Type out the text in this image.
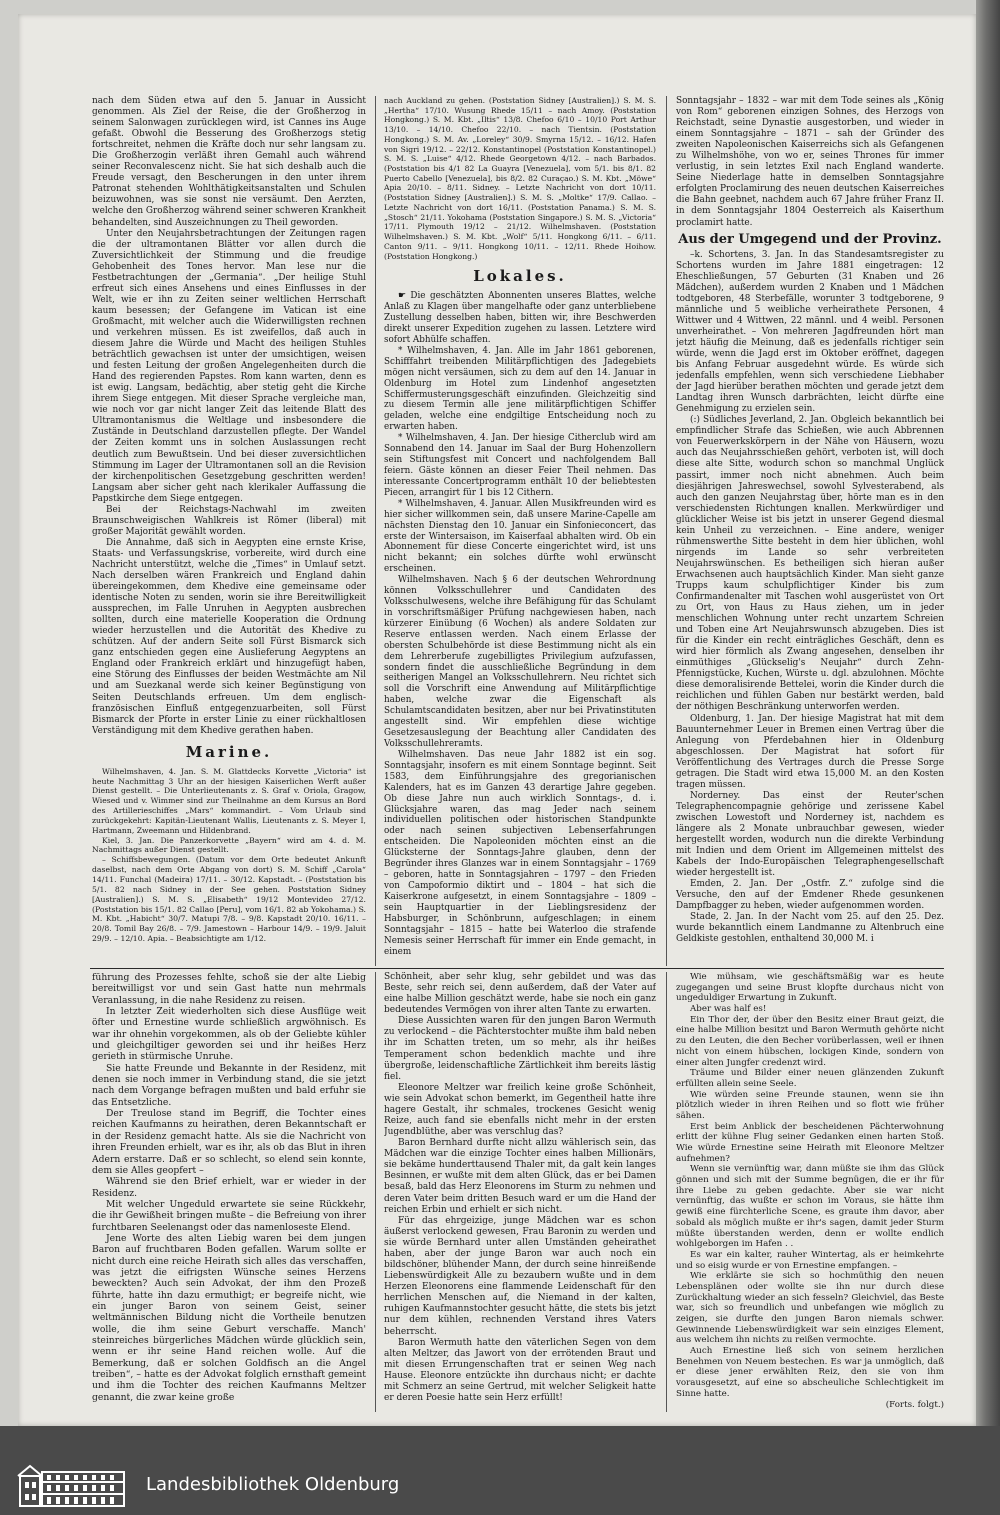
nach dem Süden etwa auf den 5. Januar in Aussicht genommen. Als Ziel der Reise, die der Großherzog in seinem Salonwagen zurücklegen wird, ist Cannes ins Auge gefaßt. Obwohl die Besserung des Großherzogs stetig fortschreitet, nehmen die Kräfte doch nur sehr langsam zu. Die Großherzogin verläßt ihren Gemahl auch während seiner Reconvalescenz nicht. Sie hat sich deshalb auch die Freude versagt, den Bescherungen in den unter ihrem Patronat stehenden Wohlthätigkeitsanstalten und Schulen beizuwohnen, was sie sonst nie versäumt. Den Aerzten, welche den Großherzog während seiner schweren Krankheit behandelten, sind Auszeichnungen zu Theil geworden.

Unter den Neujahrsbetrachtungen der Zeitungen ragen die der ultramontanen Blätter vor allen durch die Zuversichtlichkeit der Stimmung und die freudige Gehobenheit des Tones hervor. Man lese nur die Festbetrachtungen der „Germania“. „Der heilige Stuhl erfreut sich eines Ansehens und eines Einflusses in der Welt, wie er ihn zu Zeiten seiner weltlichen Herrschaft kaum besessen; der Gefangene im Vatican ist eine Großmacht, mit welcher auch die Widerwilligsten rechnen und verkehren müssen. Es ist zweifellos, daß auch in diesem Jahre die Würde und Macht des heiligen Stuhles beträchtlich gewachsen ist unter der umsichtigen, weisen und festen Leitung der großen Angelegenheiten durch die Hand des regierenden Papstes. Rom kann warten, denn es ist ewig. Langsam, bedächtig, aber stetig geht die Kirche ihrem Siege entgegen. Mit dieser Sprache vergleiche man, wie noch vor gar nicht langer Zeit das leitende Blatt des Ultramontanismus die Weltlage und insbesondere die Zustände in Deutschland darzustellen pflegte. Der Wandel der Zeiten kommt uns in solchen Auslassungen recht deutlich zum Bewußtsein. Und bei dieser zuversichtlichen Stimmung im Lager der Ultramontanen soll an die Revision der kirchenpolitischen Gesetzgebung geschritten werden! Langsam aber sicher geht nach klerikaler Auffassung die Papstkirche dem Siege entgegen.

Bei der Reichstags-Nachwahl im zweiten Braunschweigischen Wahlkreis ist Römer (liberal) mit großer Majorität gewählt worden.

Die Annahme, daß sich in Aegypten eine ernste Krise, Staats- und Verfassungskrise, vorbereite, wird durch eine Nachricht unterstützt, welche die „Times“ in Umlauf setzt. Nach derselben wären Frankreich und England dahin übereingekommen, dem Khedive eine gemeinsame oder identische Noten zu senden, worin sie ihre Bereitwilligkeit aussprechen, im Falle Unruhen in Aegypten ausbrechen sollten, durch eine materielle Kooperation die Ordnung wieder herzustellen und die Autorität des Khedive zu schützen. Auf der andern Seite soll Fürst Bismarck sich ganz entschieden gegen eine Auslieferung Aegyptens an England oder Frankreich erklärt und hinzugefügt haben, eine Störung des Einflusses der beiden Westmächte am Nil und am Suezkanal werde sich keiner Begünstigung von Seiten Deutschlands erfreuen. Um dem englisch-französischen Einfluß entgegenzuarbeiten, soll Fürst Bismarck der Pforte in erster Linie zu einer rückhaltlosen Verständigung mit dem Khedive gerathen haben.

Marine.

Wilhelmshaven, 4. Jan. S. M. Glattdecks Korvette „Victoria“ ist heute Nachmittag 3 Uhr an der hiesigen Kaiserlichen Werft außer Dienst gestellt. – Die Unterlieutenants z. S. Graf v. Oriola, Gragow, Wiesed und v. Wimmer sind zur Theilnahme an dem Kursus an Bord des Artillerieschiffes „Mars“ kommandirt. – Vom Urlaub sind zurückgekehrt: Kapitän-Lieutenant Wallis, Lieutenants z. S. Meyer I, Hartmann, Zweemann und Hildenbrand.

Kiel, 3. Jan. Die Panzerkorvette „Bayern“ wird am 4. d. M. Nachmittags außer Dienst gestellt.

– Schiffsbewegungen. (Datum vor dem Orte bedeutet Ankunft daselbst, nach dem Orte Abgang von dort) S. M. Schiff „Carola“ 14/11. Funchal (Madeira) 17/11. – 30/12. Kapstadt. – (Poststation bis 5/1. 82 nach Sidney in der See gehen. Poststation Sidney [Australien].) S. M. S. „Elisabeth“ 19/12 Montevideo 27/12. (Poststation bis 15/1. 82 Callao [Peru], vom 16/1. 82 ab Yokohama.) S. M. Kbt. „Habicht“ 30/7. Matupi 7/8. – 9/8. Kapstadt 20/10. 16/11. – 20/8. Tomil Bay 26/8. – 7/9. Jamestown – Harbour 14/9. – 19/9. Jaluit 29/9. – 12/10. Apia. – Beabsichtigte am 1/12.

nach Auckland zu gehen. (Poststation Sidney [Australien].) S. M. S. „Hertha“ 17/10. Wusung Rhede 15/11 – nach Amoy. (Poststation Hongkong.) S. M. Kbt. „Iltis“ 13/8. Chefoo 6/10 – 10/10 Port Arthur 13/10. – 14/10. Chefoo 22/10. – nach Tientsin. (Poststation Hongkong.) S. M. Av. „Loreley“ 30/9. Smyrna 15/12. – 16/12. Hafen von Sigri 19/12. – 22/12. Konstantinopel (Poststation Konstantinopel.) S. M. S. „Luise“ 4/12. Rhede Georgetown 4/12. – nach Barbados. (Poststation bis 4/1 82 La Guayra [Venezuela], vom 5/1. bis 8/1. 82 Puerto Cabello [Venezuela], bis 8/2. 82 Curaçao.) S. M. Kbt. „Möwe“ Apia 20/10. – 8/11. Sidney. – Letzte Nachricht von dort 10/11. (Poststation Sidney [Australien].) S. M. S. „Moltke“ 17/9. Callao. – Letzte Nachricht von dort 16/11. (Poststation Panama.) S. M. S. „Stosch“ 21/11. Yokohama (Poststation Singapore.) S. M. S. „Victoria“ 17/11. Plymouth 19/12 – 21/12. Wilhelmshaven. (Poststation Wilhelmshaven.) S. M. Kbt. „Wolf“ 5/11. Hongkong 6/11. – 6/11. Canton 9/11. – 9/11. Hongkong 10/11. – 12/11. Rhede Hoihow. (Poststation Hongkong.)

Lokales.

☛ Die geschätzten Abonnenten unseres Blattes, welche Anlaß zu Klagen über mangelhafte oder ganz unterbliebene Zustellung desselben haben, bitten wir, ihre Beschwerden direkt unserer Expedition zugehen zu lassen. Letztere wird sofort Abhülfe schaffen.

* Wilhelmshaven, 4. Jan. Alle im Jahr 1861 geborenen, Schifffahrt treibenden Militärpflichtigen des Jadegebiets mögen nicht versäumen, sich zu dem auf den 14. Januar in Oldenburg im Hotel zum Lindenhof angesetzten Schiffermusterungsgeschäft einzufinden. Gleichzeitig sind zu diesem Termin alle jene militärpflichtigen Schiffer geladen, welche eine endgiltige Entscheidung noch zu erwarten haben.

* Wilhelmshaven, 4. Jan. Der hiesige Citherclub wird am Sonnabend den 14. Januar im Saal der Burg Hohenzollern sein Stiftungsfest mit Concert und nachfolgendem Ball feiern. Gäste können an dieser Feier Theil nehmen. Das interessante Concertprogramm enthält 10 der beliebtesten Piecen, arrangirt für 1 bis 12 Cithern.

* Wilhelmshaven, 4. Januar. Allen Musikfreunden wird es hier sicher willkommen sein, daß unsere Marine-Capelle am nächsten Dienstag den 10. Januar ein Sinfonieconcert, das erste der Wintersaison, im Kaiserfaal abhalten wird. Ob ein Abonnement für diese Concerte eingerichtet wird, ist uns nicht bekannt; ein solches dürfte wohl erwünscht erscheinen.

Wilhelmshaven. Nach § 6 der deutschen Wehrordnung können Volksschullehrer und Candidaten des Volksschulwesens, welche ihre Befähigung für das Schulamt in vorschriftsmäßiger Prüfung nachgewiesen haben, nach kürzerer Einübung (6 Wochen) als andere Soldaten zur Reserve entlassen werden. Nach einem Erlasse der obersten Schulbehörde ist diese Bestimmung nicht als ein dem Lehrerberufe zugebilligtes Privilegium aufzufassen, sondern findet die ausschließliche Begründung in dem seitherigen Mangel an Volksschullehrern. Neu richtet sich soll die Vorschrift eine Anwendung auf Militärpflichtige haben, welche zwar die Eigenschaft als Schulamtscandidaten besitzen, aber nur bei Privatinstituten angestellt sind. Wir empfehlen diese wichtige Gesetzesauslegung der Beachtung aller Candidaten des Volksschullehreramts.

Wilhelmshaven. Das neue Jahr 1882 ist ein sog. Sonntagsjahr, insofern es mit einem Sonntage beginnt. Seit 1583, dem Einführungsjahre des gregorianischen Kalenders, hat es im Ganzen 43 derartige Jahre gegeben. Ob diese Jahre nun auch wirklich Sonntags-, d. i. Glücksjahre waren, das mag Jeder nach seinem individuellen politischen oder historischen Standpunkte oder nach seinen subjectiven Lebenserfahrungen entscheiden. Die Napoleoniden möchten einst an die Glücksterne der Sonntags-Jahre glauben, denn der Begründer ihres Glanzes war in einem Sonntagsjahr – 1769 – geboren, hatte in Sonntagsjahren – 1797 – den Frieden von Campoformio diktirt und – 1804 – hat sich die Kaiserkrone aufgesetzt, in einem Sonntagsjahre – 1809 – sein Hauptquartier in der Lieblingsresidenz der Habsburger, in Schönbrunn, aufgeschlagen; in einem Sonntagsjahr – 1815 – hatte bei Waterloo die strafende Nemesis seiner Herrschaft für immer ein Ende gemacht, in einem

Sonntagsjahr – 1832 – war mit dem Tode seines als „König von Rom“ geborenen einzigen Sohnes, des Herzogs von Reichstadt, seine Dynastie ausgestorben, und wieder in einem Sonntagsjahre – 1871 – sah der Gründer des zweiten Napoleonischen Kaiserreichs sich als Gefangenen zu Wilhelmshöhe, von wo er, seines Thrones für immer verlustig, in sein letztes Exil nach England wanderte. Seine Niederlage hatte in demselben Sonntagsjahre erfolgten Proclamirung des neuen deutschen Kaiserreiches die Bahn geebnet, nachdem auch 67 Jahre früher Franz II. in dem Sonntagsjahr 1804 Oesterreich als Kaiserthum proclamirt hatte.

Aus der Umgegend und der Provinz.

–k. Schortens, 3. Jan. In das Standesamtsregister zu Schortens wurden im Jahre 1881 eingetragen: 12 Eheschließungen, 57 Geburten (31 Knaben und 26 Mädchen), außerdem wurden 2 Knaben und 1 Mädchen todtgeboren, 48 Sterbefälle, worunter 3 todtgeborene, 9 männliche und 5 weibliche verheirathete Personen, 4 Wittwer und 4 Wittwen, 22 männl. und 4 weibl. Personen unverheirathet. – Von mehreren Jagdfreunden hört man jetzt häufig die Meinung, daß es jedenfalls richtiger sein würde, wenn die Jagd erst im Oktober eröffnet, dagegen bis Anfang Februar ausgedehnt würde. Es würde sich jedenfalls empfehlen, wenn sich verschiedene Liebhaber der Jagd hierüber berathen möchten und gerade jetzt dem Landtag ihren Wunsch darbrächten, leicht dürfte eine Genehmigung zu erzielen sein.

(:) Südliches Jeverland, 2. Jan. Obgleich bekanntlich bei empfindlicher Strafe das Schießen, wie auch Abbrennen von Feuerwerkskörpern in der Nähe von Häusern, wozu auch das Neujahrsschießen gehört, verboten ist, will doch diese alte Sitte, wodurch schon so manchmal Unglück passirt, immer noch nicht abnehmen. Auch beim diesjährigen Jahreswechsel, sowohl Sylvesterabend, als auch den ganzen Neujahrstag über, hörte man es in den verschiedensten Richtungen knallen. Merkwürdiger und glücklicher Weise ist bis jetzt in unserer Gegend diesmal kein Unheil zu verzeichnen. – Eine andere, weniger rühmenswerthe Sitte besteht in dem hier üblichen, wohl nirgends im Lande so sehr verbreiteten Neujahrswünschen. Es betheiligen sich hieran außer Erwachsenen auch hauptsächlich Kinder. Man sieht ganze Trupps kaum schulpflichtiger Kinder bis zum Confirmandenalter mit Taschen wohl ausgerüstet von Ort zu Ort, von Haus zu Haus ziehen, um in jeder menschlichen Wohnung unter recht unzartem Schreien und Toben eine Art Neujahrswunsch abzugeben. Dies ist für die Kinder ein recht einträgliches Geschäft, denn es wird hier förmlich als Zwang angesehen, denselben ihr einmüthiges „Glückselig's Neujahr“ durch Zehn-Pfennigstücke, Kuchen, Würste u. dgl. abzulohnen. Möchte diese demoralisirende Bettelei, worin die Kinder durch die reichlichen und fühlen Gaben nur bestärkt werden, bald der nöthigen Beschränkung unterworfen werden.

Oldenburg, 1. Jan. Der hiesige Magistrat hat mit dem Bauunternehmer Leuer in Bremen einen Vertrag über die Anlegung von Pferdebahnen hier in Oldenburg abgeschlossen. Der Magistrat hat sofort für Veröffentlichung des Vertrages durch die Presse Sorge getragen. Die Stadt wird etwa 15,000 M. an den Kosten tragen müssen.

Norderney. Das einst der Reuter'schen Telegraphencompagnie gehörige und zerissene Kabel zwischen Lowestoft und Norderney ist, nachdem es längere als 2 Monate unbrauchbar gewesen, wieder hergestellt worden, wodurch nun die direkte Verbindung mit Indien und dem Orient im Allgemeinen mittelst des Kabels der Indo-Europäischen Telegraphengesellschaft wieder hergestellt ist.

Emden, 2. Jan. Der „Ostfr. Z.“ zufolge sind die Versuche, den auf der Emdener Rhede gesunkenen Dampfbagger zu heben, wieder aufgenommen worden.

Stade, 2. Jan. In der Nacht vom 25. auf den 25. Dez. wurde bekanntlich einem Landmanne zu Altenbruch eine Geldkiste gestohlen, enthaltend 30,000 M. i

führung des Prozesses fehlte, schoß sie der alte Liebig bereitwilligst vor und sein Gast hatte nun mehrmals Veranlassung, in die nahe Residenz zu reisen.

In letzter Zeit wiederholten sich diese Ausflüge weit öfter und Ernestine wurde schließlich argwöhnisch. Es war ihr ohnehin vorgekommen, als ob der Geliebte kühler und gleichgiltiger geworden sei und ihr heißes Herz gerieth in stürmische Unruhe.

Sie hatte Freunde und Bekannte in der Residenz, mit denen sie noch immer in Verbindung stand, die sie jetzt nach dem Vorgange befragen mußten und bald erfuhr sie das Entsetzliche.

Der Treulose stand im Begriff, die Tochter eines reichen Kaufmanns zu heirathen, deren Bekanntschaft er in der Residenz gemacht hatte. Als sie die Nachricht von ihren Freunden erhielt, war es ihr, als ob das Blut in ihren Adern erstarre. Daß er so schlecht, so elend sein konnte, dem sie Alles geopfert –

Während sie den Brief erhielt, war er wieder in der Residenz.

Mit welcher Ungeduld erwartete sie seine Rückkehr, die ihr Gewißheit bringen mußte – die Befreiung von ihrer furchtbaren Seelenangst oder das namenloseste Elend.

Jene Worte des alten Liebig waren bei dem jungen Baron auf fruchtbaren Boden gefallen. Warum sollte er nicht durch eine reiche Heirath sich alles das verschaffen, was jetzt die eifrigsten Wünsche seines Herzens beweckten? Auch sein Advokat, der ihm den Prozeß führte, hatte ihn dazu ermuthigt; er begreife nicht, wie ein junger Baron von seinem Geist, seiner weltmännischen Bildung nicht die Vortheile benutzen wolle, die ihm seine Geburt verschaffe. Manch' steinreiches bürgerliches Mädchen würde glücklich sein, wenn er ihr seine Hand reichen wolle. Auf die Bemerkung, daß er solchen Goldfisch an die Angel treiben“, – hatte es der Advokat folglich ernsthaft gemeint und ihm die Tochter des reichen Kaufmanns Meltzer genannt, die zwar keine große

Schönheit, aber sehr klug, sehr gebildet und was das Beste, sehr reich sei, denn außerdem, daß der Vater auf eine halbe Million geschätzt werde, habe sie noch ein ganz bedeutendes Vermögen von ihrer alten Tante zu erwarten.

Diese Aussichten waren für den jungen Baron Wermuth zu verlockend – die Pächterstochter mußte ihm bald neben ihr im Schatten treten, um so mehr, als ihr heißes Temperament schon bedenklich machte und ihre übergroße, leidenschaftliche Zärtlichkeit ihm bereits lästig fiel.

Eleonore Meltzer war freilich keine große Schönheit, wie sein Advokat schon bemerkt, im Gegentheil hatte ihre hagere Gestalt, ihr schmales, trockenes Gesicht wenig Reize, auch fand sie ebenfalls nicht mehr in der ersten Jugendblüthe, aber was verschlug das?

Baron Bernhard durfte nicht allzu wählerisch sein, das Mädchen war die einzige Tochter eines halben Millionärs, sie bekäme hunderttausend Thaler mit, da galt kein langes Besinnen, er wußte mit dem alten Glück, das er bei Damen besaß, bald das Herz Eleonorens im Sturm zu nehmen und deren Vater beim dritten Besuch ward er um die Hand der reichen Erbin und erhielt er sich nicht.

Für das ehrgeizige, junge Mädchen war es schon äußerst verlockend gewesen, Frau Baronin zu werden und sie würde Bernhard unter allen Umständen geheirathet haben, aber der junge Baron war auch noch ein bildschöner, blühender Mann, der durch seine hinreißende Liebenswürdigkeit Alle zu bezaubern wußte und in dem Herzen Eleonorens eine flammende Leidenschaft für den herrlichen Menschen auf, die Niemand in der kalten, ruhigen Kaufmannstochter gesucht hätte, die stets bis jetzt nur dem kühlen, rechnenden Verstand ihres Vaters beherrscht.

Baron Wermuth hatte den väterlichen Segen von dem alten Meltzer, das Jawort von der errötenden Braut und mit diesen Errungenschaften trat er seinen Weg nach Hause. Eleonore entzückte ihn durchaus nicht; er dachte mit Schmerz an seine Gertrud, mit welcher Seligkeit hatte er deren Poesie hatte sein Herz erfüllt!

Wie mühsam, wie geschäftsmäßig war es heute zugegangen und seine Brust klopfte durchaus nicht von ungeduldiger Erwartung in Zukunft.

Aber was half es!

Ein Thor der, der über den Besitz einer Braut geizt, die eine halbe Million besitzt und Baron Wermuth gehörte nicht zu den Leuten, die den Becher vorüberlassen, weil er ihnen nicht von einem hübschen, lockigen Kinde, sondern von einer alten Jungfer credenzt wird.

Träume und Bilder einer neuen glänzenden Zukunft erfüllten allein seine Seele.

Wie würden seine Freunde staunen, wenn sie ihn plötzlich wieder in ihren Reihen und so flott wie früher sähen.

Erst beim Anblick der bescheidenen Pächterwohnung erlitt der kühne Flug seiner Gedanken einen harten Stoß. Wie würde Ernestine seine Heirath mit Eleonore Meltzer aufnehmen?

Wenn sie vernünftig war, dann müßte sie ihm das Glück gönnen und sich mit der Summe begnügen, die er ihr für ihre Liebe zu geben gedachte. Aber sie war nicht vernünftig, das wußte er schon im Voraus, sie hätte ihm gewiß eine fürchterliche Scene, es graute ihm davor, aber sobald als möglich mußte er ihr's sagen, damit jeder Sturm müßte überstanden werden, denn er wollte endlich wohlgeborgen im Hafen . .

Es war ein kalter, rauher Wintertag, als er heimkehrte und so eisig wurde er von Ernestine empfangen. –

Wie erklärte sie sich so hochmüthig den neuen Lebensplänen oder wollte sie ihn nur durch diese Zurückhaltung wieder an sich fesseln? Gleichviel, das Beste war, sich so freundlich und unbefangen wie möglich zu zeigen, sie durfte den jungen Baron niemals schwer. Gewinnende Liebenswürdigkeit war sein einziges Element, aus welchem ihn nichts zu reißen vermochte.

Auch Ernestine ließ sich von seinem herzlichen Benehmen von Neuem bestechen. Es war ja unmöglich, daß er diese jener erwählten Reiz, den sie von ihm vorausgesetzt, auf eine so abscheuliche Schlechtigkeit im Sinne hatte.

(Forts. folgt.)

Landesbibliothek Oldenburg
